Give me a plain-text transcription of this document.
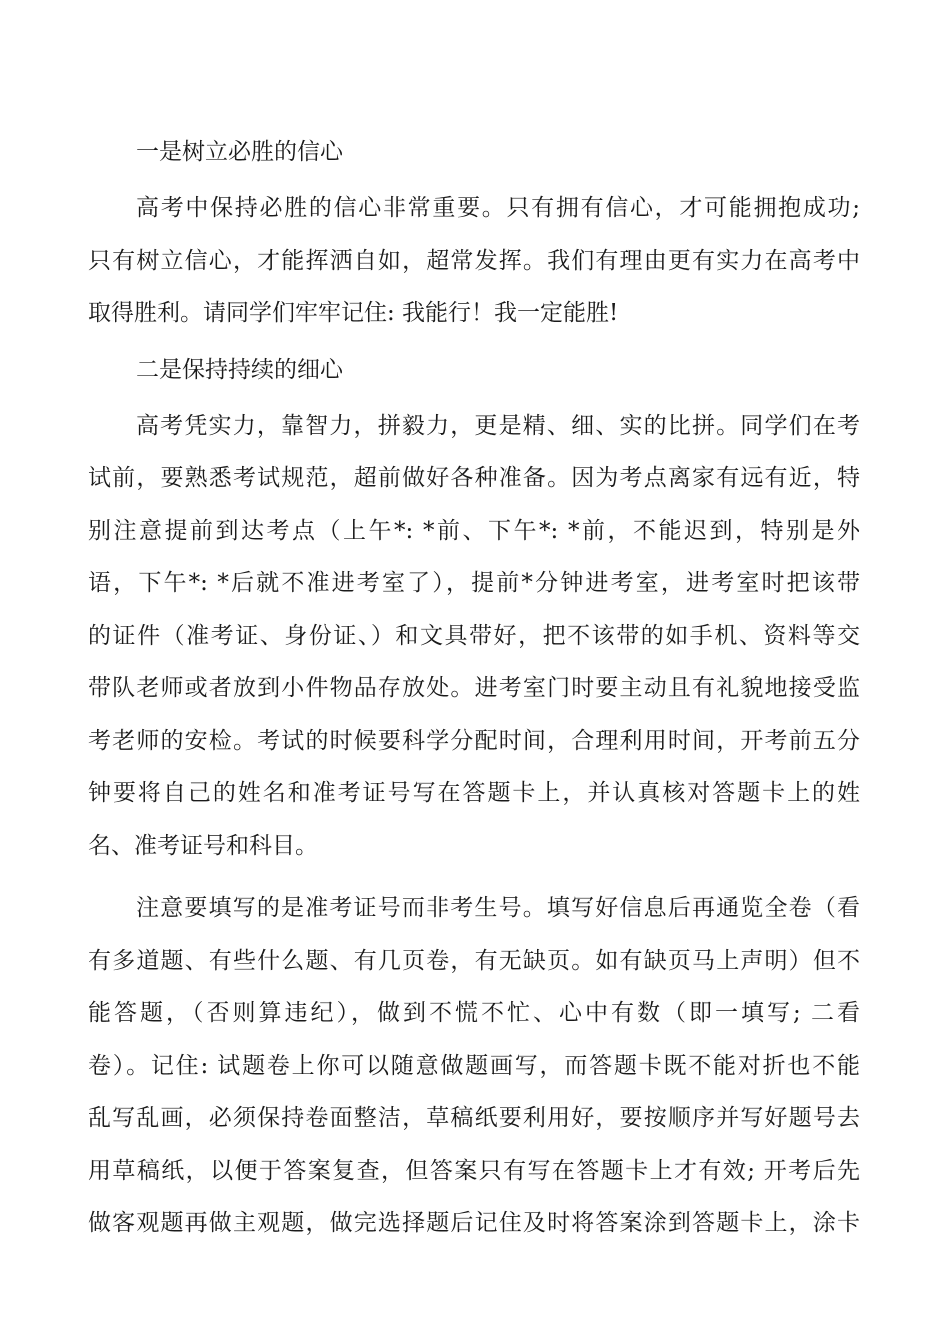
一是树立必胜的信心
高考中保持必胜的信心非常重要。只有拥有信心，才可能拥抱成功;
只有树立信心，才能挥洒自如，超常发挥。我们有理由更有实力在高考中
取得胜利。请同学们牢牢记住: 我能行！我一定能胜!
二是保持持续的细心
高考凭实力，靠智力，拼毅力，更是精、细、实的比拼。同学们在考
试前，要熟悉考试规范，超前做好各种准备。因为考点离家有远有近，特
别注意提前到达考点（上午*: *前、下午*: *前，不能迟到，特别是外
语，下午*: *后就不准进考室了），提前*分钟进考室，进考室时把该带
的证件（准考证、身份证、）和文具带好，把不该带的如手机、资料等交
带队老师或者放到小件物品存放处。进考室门时要主动且有礼貌地接受监
考老师的安检。考试的时候要科学分配时间，合理利用时间，开考前五分
钟要将自己的姓名和准考证号写在答题卡上，并认真核对答题卡上的姓
名、准考证号和科目。
注意要填写的是准考证号而非考生号。填写好信息后再通览全卷（看
有多道题、有些什么题、有几页卷，有无缺页。如有缺页马上声明）但不
能答题，（否则算违纪），做到不慌不忙、心中有数（即一填写; 二看
卷）。记住: 试题卷上你可以随意做题画写，而答题卡既不能对折也不能
乱写乱画，必须保持卷面整洁，草稿纸要利用好，要按顺序并写好题号去
用草稿纸，以便于答案复查，但答案只有写在答题卡上才有效; 开考后先
做客观题再做主观题，做完选择题后记住及时将答案涂到答题卡上，涂卡
